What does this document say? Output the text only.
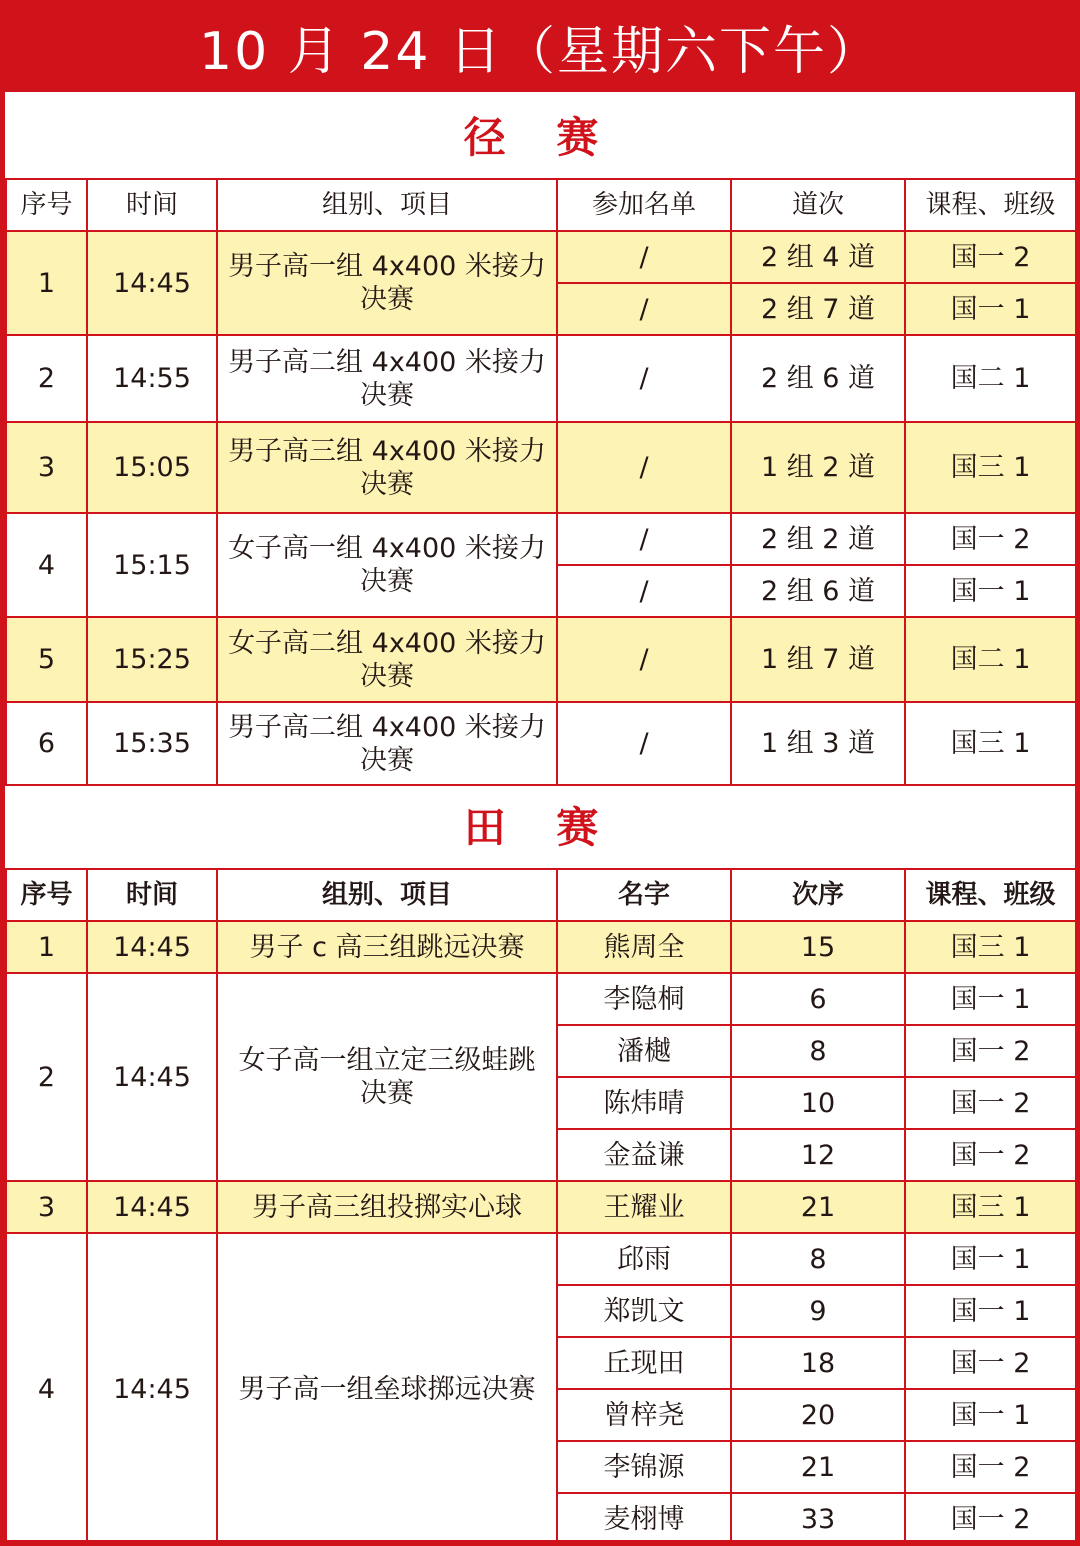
10 月 24 日（星期六下午）
径 赛
序号	时间	组别、项目	参加名单	道次	课程、班级
1	14:45	男子高一组 4x400 米接力决赛	/	2 组 4 道	国一 2
			/	2 组 7 道	国一 1
2	14:55	男子高二组 4x400 米接力决赛	/	2 组 6 道	国二 1
3	15:05	男子高三组 4x400 米接力决赛	/	1 组 2 道	国三 1
4	15:15	女子高一组 4x400 米接力决赛	/	2 组 2 道	国一 2
			/	2 组 6 道	国一 1
5	15:25	女子高二组 4x400 米接力决赛	/	1 组 7 道	国二 1
6	15:35	男子高二组 4x400 米接力决赛	/	1 组 3 道	国三 1
田 赛
序号	时间	组别、项目	名字	次序	课程、班级
1	14:45	男子 c 高三组跳远决赛	熊周全	15	国三 1
2	14:45	女子高一组立定三级蛙跳决赛	李隐桐	6	国一 1
			潘樾	8	国一 2
			陈炜晴	10	国一 2
			金益谦	12	国一 2
3	14:45	男子高三组投掷实心球	王耀业	21	国三 1
4	14:45	男子高一组垒球掷远决赛	邱雨	8	国一 1
			郑凯文	9	国一 1
			丘现田	18	国一 2
			曾梓尧	20	国一 1
			李锦源	21	国一 2
			麦栩博	33	国一 2
